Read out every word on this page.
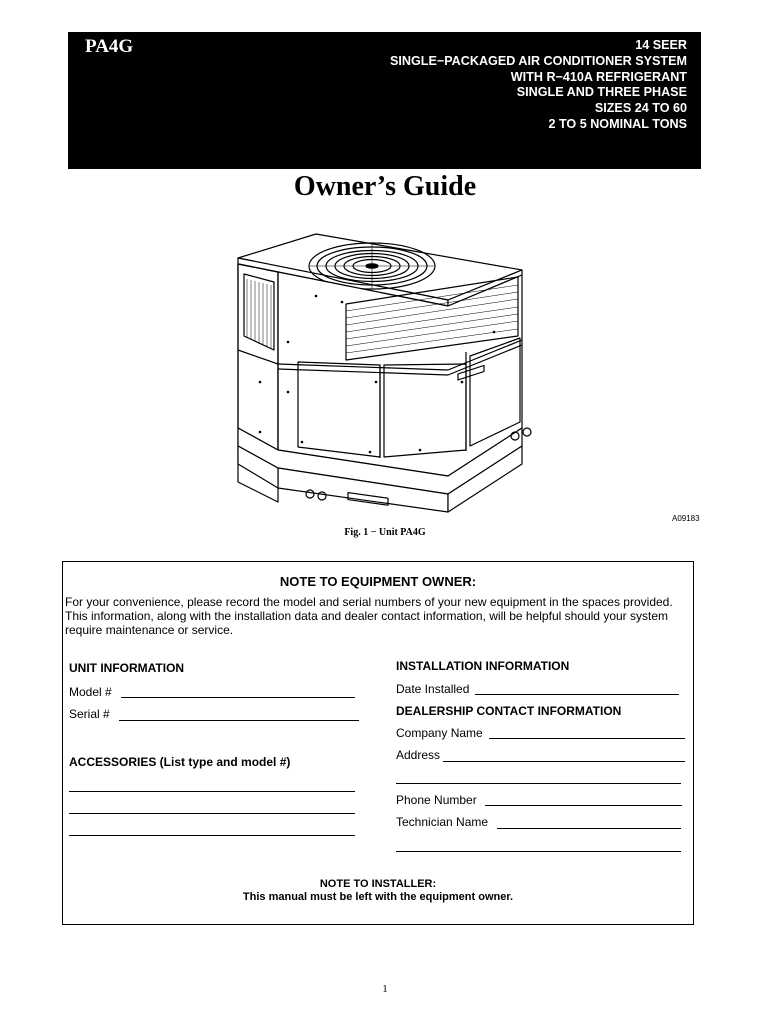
PA4G	14 SEER
SINGLE−PACKAGED AIR CONDITIONER SYSTEM
WITH R−410A REFRIGERANT
SINGLE AND THREE PHASE
SIZES 24 TO 60
2 TO 5 NOMINAL TONS
Owner’s Guide
A09183
Fig. 1 − Unit PA4G
NOTE TO EQUIPMENT OWNER:
For your convenience, please record the model and serial numbers of your new equipment in the spaces provided. This information, along with the installation data and dealer contact information, will be helpful should your system require maintenance or service.
UNIT INFORMATION
Model #
Serial #
ACCESSORIES (List type and model #)
INSTALLATION INFORMATION
Date Installed
DEALERSHIP CONTACT INFORMATION
Company Name
Address
Phone Number
Technician Name
NOTE TO INSTALLER:
This manual must be left with the equipment owner.
1
